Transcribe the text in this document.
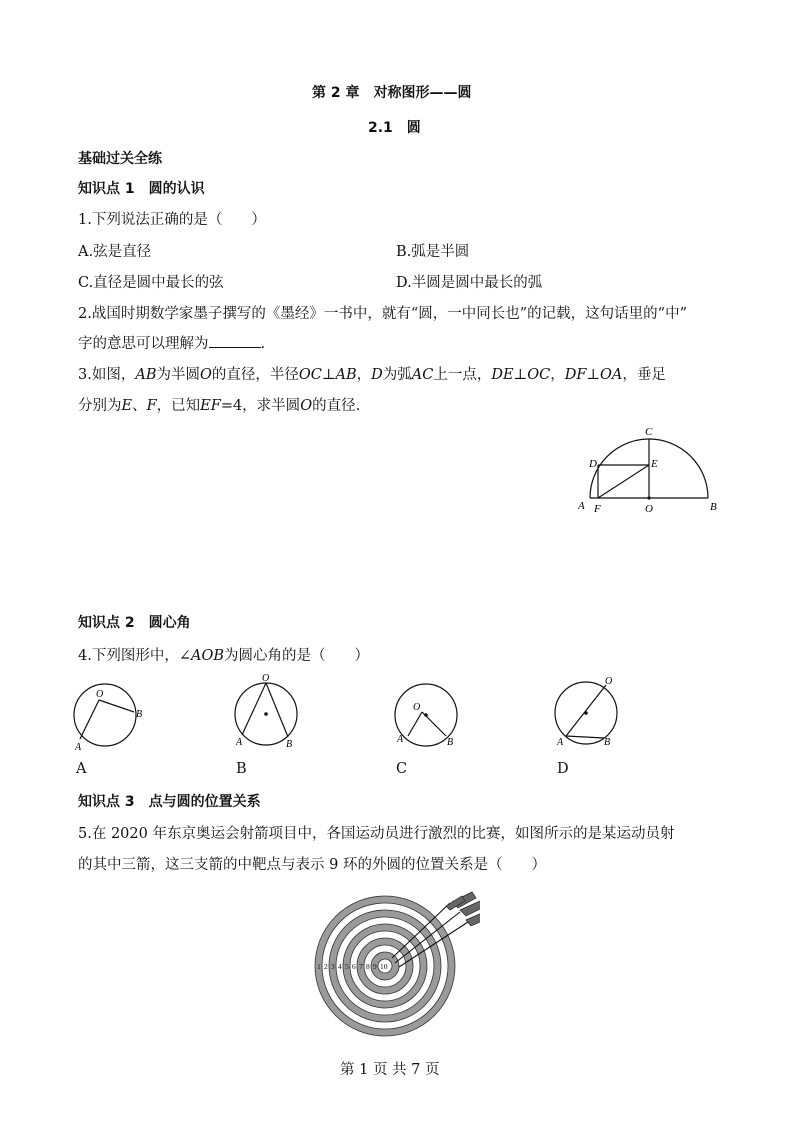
第 2 章　对称图形——圆
2.1　圆
基础过关全练
知识点 1　圆的认识
1.下列说法正确的是（　　）
A.弦是直径	B.弧是半圆
C.直径是圆中最长的弦	D.半圆是圆中最长的弧
2.战国时期数学家墨子撰写的《墨经》一书中，就有“圆，一中同长也”的记载，这句话里的“中”
字的意思可以理解为	.
3.如图，AB为半圆O的直径，半径OC⊥AB，D为弧AC上一点，DE⊥OC，DF⊥OA，垂足
分别为E、F，已知EF=4，求半圆O的直径.
C
D	E
A F	O	B
知识点 2　圆心角
4.下列图形中，∠AOB为圆心角的是（　　）
O
A
B
O
A	B
O
A	B
O
A	B
A	B	C	D
知识点 3　点与圆的位置关系
5.在 2020 年东京奥运会射箭项目中，各国运动员进行激烈的比赛，如图所示的是某运动员射
的其中三箭，这三支箭的中靶点与表示 9 环的外圆的位置关系是（　　）
1 2 3 4 5 6 7 8 9 10
第 1 页 共 7 页
